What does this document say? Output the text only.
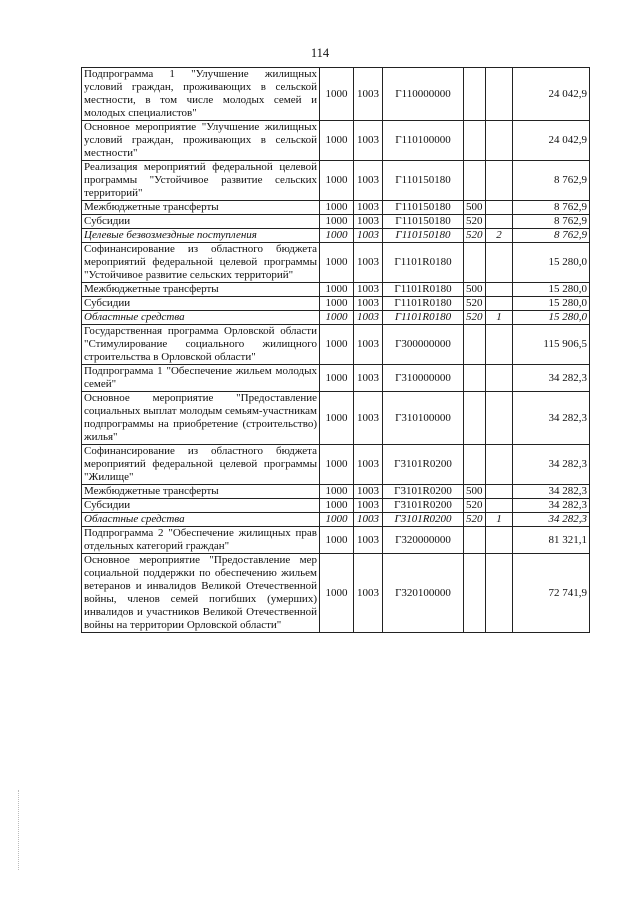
114
Подпрограмма 1 "Улучшение жилищных условий граждан, проживающих в сельской местности, в том числе молодых семей и молодых специалистов"	1000	1003	Г110000000			24 042,9
Основное мероприятие "Улучшение жилищных условий граждан, проживающих в сельской местности"	1000	1003	Г110100000			24 042,9
Реализация мероприятий федеральной целевой программы "Устойчивое развитие сельских территорий"	1000	1003	Г110150180			8 762,9
Межбюджетные трансферты	1000	1003	Г110150180	500		8 762,9
Субсидии	1000	1003	Г110150180	520		8 762,9
Целевые безвозмездные поступления	1000	1003	Г110150180	520	2	8 762,9
Софинансирование из областного бюджета мероприятий федеральной целевой программы "Устойчивое развитие сельских территорий"	1000	1003	Г1101R0180			15 280,0
Межбюджетные трансферты	1000	1003	Г1101R0180	500		15 280,0
Субсидии	1000	1003	Г1101R0180	520		15 280,0
Областные средства	1000	1003	Г1101R0180	520	1	15 280,0
Государственная программа Орловской области "Стимулирование социального жилищного строительства в Орловской области"	1000	1003	Г300000000			115 906,5
Подпрограмма 1 "Обеспечение жильем молодых семей"	1000	1003	Г310000000			34 282,3
Основное мероприятие "Предоставление социальных выплат молодым семьям-участникам подпрограммы на приобретение (строительство) жилья"	1000	1003	Г310100000			34 282,3
Софинансирование из областного бюджета мероприятий федеральной целевой программы "Жилище"	1000	1003	Г3101R0200			34 282,3
Межбюджетные трансферты	1000	1003	Г3101R0200	500		34 282,3
Субсидии	1000	1003	Г3101R0200	520		34 282,3
Областные средства	1000	1003	Г3101R0200	520	1	34 282,3
Подпрограмма 2 "Обеспечение жилищных прав отдельных категорий граждан"	1000	1003	Г320000000			81 321,1
Основное мероприятие "Предоставление мер социальной поддержки по обеспечению жильем ветеранов и инвалидов Великой Отечественной войны, членов семей погибших (умерших) инвалидов и участников Великой Отечественной войны на территории Орловской области"	1000	1003	Г320100000			72 741,9
